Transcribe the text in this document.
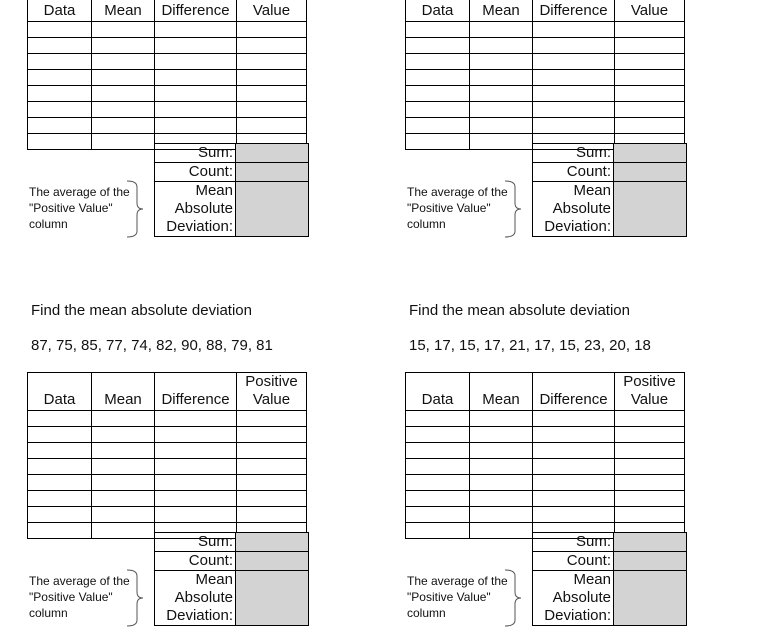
Data	Mean	Difference	Value

Sum:	
Count:	
Mean
Absolute
Deviation:	
The average of the
"Positive Value"
column
Data	Mean	Difference	Value

Sum:	
Count:	
Mean
Absolute
Deviation:	
The average of the
"Positive Value"
column
Find the mean absolute deviation
87, 75, 85, 77, 74, 82, 90, 88, 79, 81
Find the mean absolute deviation
15, 17, 15, 17, 21, 17, 15, 23, 20, 18
Data	Mean	Difference	Positive
Value

Sum:	
Count:	
Mean
Absolute
Deviation:	
The average of the
"Positive Value"
column
Data	Mean	Difference	Positive
Value

Sum:	
Count:	
Mean
Absolute
Deviation:	
The average of the
"Positive Value"
column
